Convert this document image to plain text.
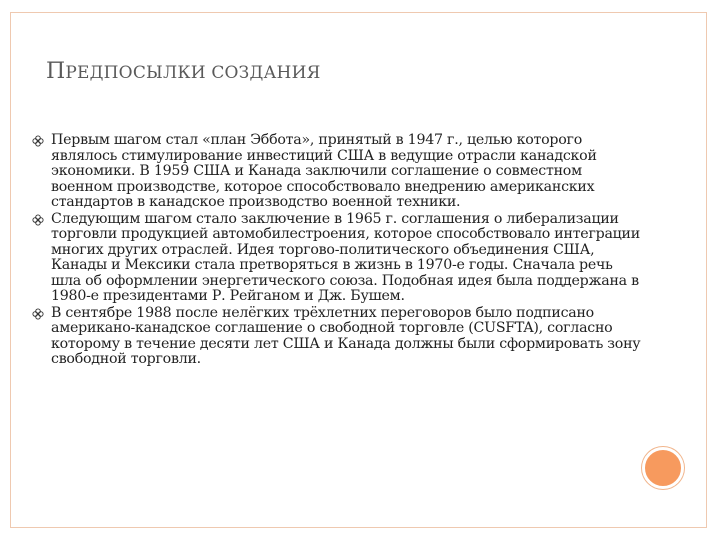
ПРЕДПОСЫЛКИ СОЗДАНИЯ
Первым шагом стал «план Эббота», принятый в 1947 г., целью которого являлось стимулирование инвестиций США в ведущие отрасли канадской экономики. В 1959 США и Канада заключили соглашение о совместном военном производстве, которое способствовало внедрению американских стандартов в канадское производство военной техники.
Следующим шагом стало заключение в 1965 г. соглашения о либерализации торговли продукцией автомобилестроения, которое способствовало интеграции многих других отраслей. Идея торгово-политического объединения США, Канады и Мексики стала претворяться в жизнь в 1970-е годы. Сначала речь шла об оформлении энергетического союза. Подобная идея была поддержана в 1980-е президентами Р. Рейганом и Дж. Бушем.
В сентябре 1988 после нелёгких трёхлетних переговоров было подписано американо-канадское соглашение о свободной торговле (CUSFTA), согласно которому в течение десяти лет США и Канада должны были сформировать зону свободной торговли.
